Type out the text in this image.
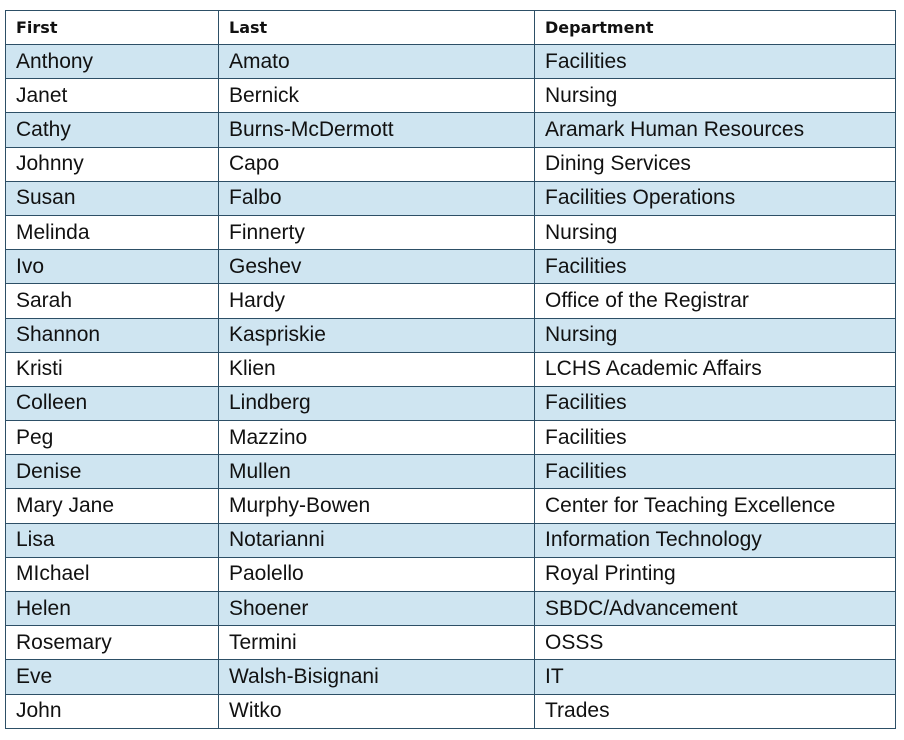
First	Last	Department
Anthony	Amato	Facilities
Janet	Bernick	Nursing
Cathy	Burns-McDermott	Aramark Human Resources
Johnny	Capo	Dining Services
Susan	Falbo	Facilities Operations
Melinda	Finnerty	Nursing
Ivo	Geshev	Facilities
Sarah	Hardy	Office of the Registrar
Shannon	Kaspriskie	Nursing
Kristi	Klien	LCHS Academic Affairs
Colleen	Lindberg	Facilities
Peg	Mazzino	Facilities
Denise	Mullen	Facilities
Mary Jane	Murphy-Bowen	Center for Teaching Excellence
Lisa	Notarianni	Information Technology
MIchael	Paolello	Royal Printing
Helen	Shoener	SBDC/Advancement
Rosemary	Termini	OSSS
Eve	Walsh-Bisignani	IT
John	Witko	Trades
